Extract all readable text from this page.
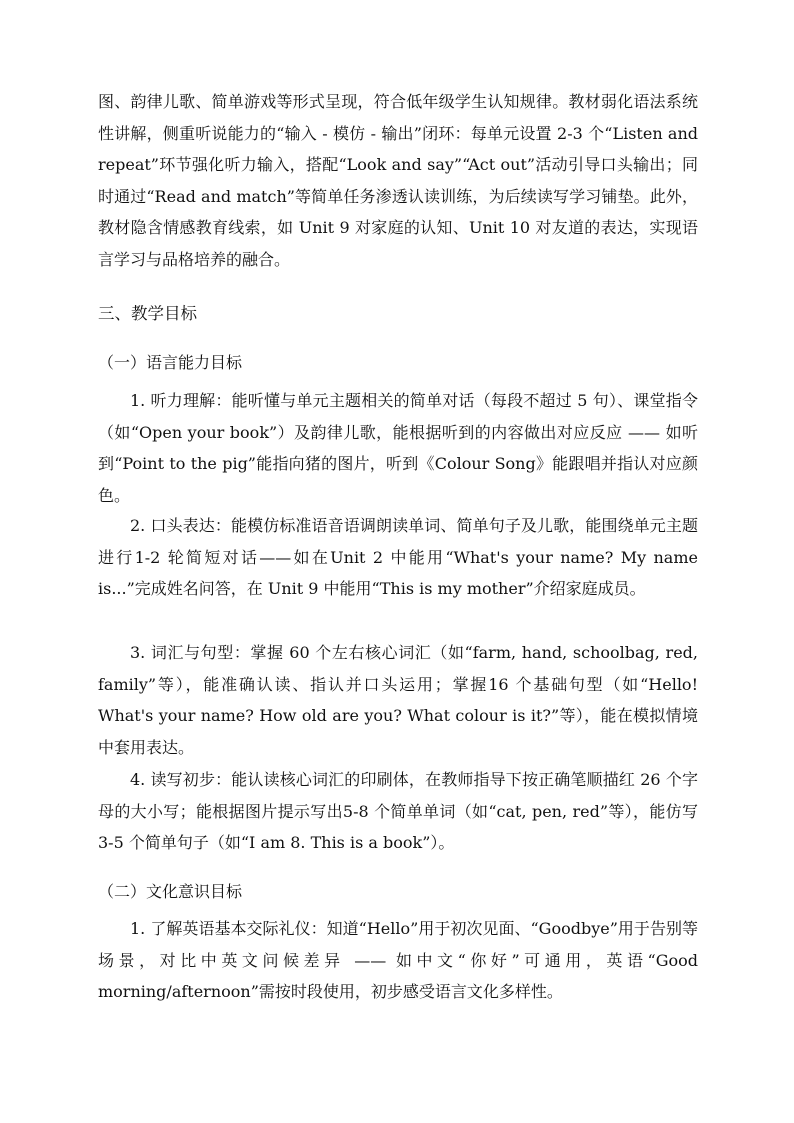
图、韵律儿歌、简单游戏等形式呈现，符合低年级学生认知规律。教材弱化语法系统性讲解，侧重听说能力的“输入 - 模仿 - 输出”闭环：每单元设置 2-3 个“Listen and repeat”环节强化听力输入，搭配“Look and say”“Act out”活动引导口头输出；同时通过“Read and match”等简单任务渗透认读训练，为后续读写学习铺垫。此外，教材隐含情感教育线索，如 Unit 9 对家庭的认知、Unit 10 对友道的表达，实现语言学习与品格培养的融合。

三、教学目标
（一）语言能力目标

1. 听力理解：能听懂与单元主题相关的简单对话（每段不超过 5 句）、课堂指令（如“Open your book”）及韵律儿歌，能根据听到的内容做出对应反应 —— 如听到“Point to the pig”能指向猪的图片，听到《Colour Song》能跟唱并指认对应颜色。

2. 口头表达：能模仿标准语音语调朗读单词、简单句子及儿歌，能围绕单元主题进行1-2 轮简短对话——如在Unit 2 中能用“What's your name? My name is...”完成姓名问答，在 Unit 9 中能用“This is my mother”介绍家庭成员。

3. 词汇与句型：掌握 60 个左右核心词汇（如“farm, hand, schoolbag, red, family”等），能准确认读、指认并口头运用；掌握16 个基础句型（如“Hello! What's your name? How old are you? What colour is it?”等），能在模拟情境中套用表达。

4. 读写初步：能认读核心词汇的印刷体，在教师指导下按正确笔顺描红 26 个字母的大小写；能根据图片提示写出5-8 个简单单词（如“cat, pen, red”等），能仿写3-5 个简单句子（如“I am 8. This is a book”）。

（二）文化意识目标

1. 了解英语基本交际礼仪：知道“Hello”用于初次见面、“Goodbye”用于告别等场景，对比中英文问候差异 —— 如中文“你好”可通用，英语“Good morning/afternoon”需按时段使用，初步感受语言文化多样性。
